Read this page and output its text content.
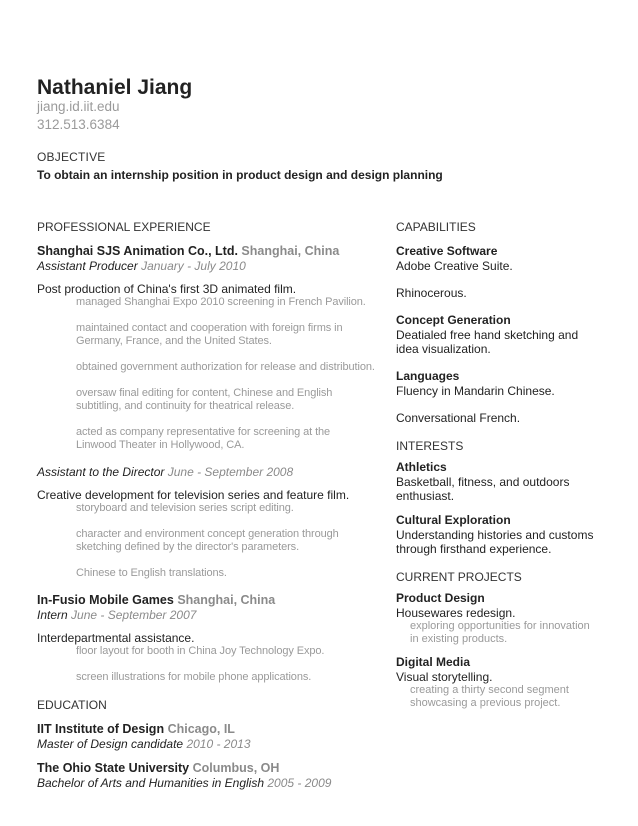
Nathaniel Jiang
jiang.id.iit.edu
312.513.6384
OBJECTIVE
To obtain an internship position in product design and design planning
PROFESSIONAL EXPERIENCE
Shanghai SJS Animation Co., Ltd. Shanghai, China
Assistant Producer January - July 2010
Post production of China's first 3D animated film.
managed Shanghai Expo 2010 screening in French Pavilion.
maintained contact and cooperation with foreign firms in
Germany, France, and the United States.
obtained government authorization for release and distribution.
oversaw final editing for content, Chinese and English
subtitling, and continuity for theatrical release.
acted as company representative for screening at the
Linwood Theater in Hollywood, CA.
Assistant to the Director June - September 2008
Creative development for television series and feature film.
storyboard and television series script editing.
character and environment concept generation through
sketching defined by the director's parameters.
Chinese to English translations.
In-Fusio Mobile Games Shanghai, China
Intern June - September 2007
Interdepartmental assistance.
floor layout for booth in China Joy Technology Expo.
screen illustrations for mobile phone applications.
EDUCATION
IIT Institute of Design Chicago, IL
Master of Design candidate 2010 - 2013
The Ohio State University Columbus, OH
Bachelor of Arts and Humanities in English 2005 - 2009
CAPABILITIES
Creative Software
Adobe Creative Suite.
Rhinocerous.
Concept Generation
Deatialed free hand sketching and
idea visualization.
Languages
Fluency in Mandarin Chinese.
Conversational French.
INTERESTS
Athletics
Basketball, fitness, and outdoors
enthusiast.
Cultural Exploration
Understanding histories and customs
through firsthand experience.
CURRENT PROJECTS
Product Design
Housewares redesign.
exploring opportunities for innovation
in existing products.
Digital Media
Visual storytelling.
creating a thirty second segment
showcasing a previous project.
